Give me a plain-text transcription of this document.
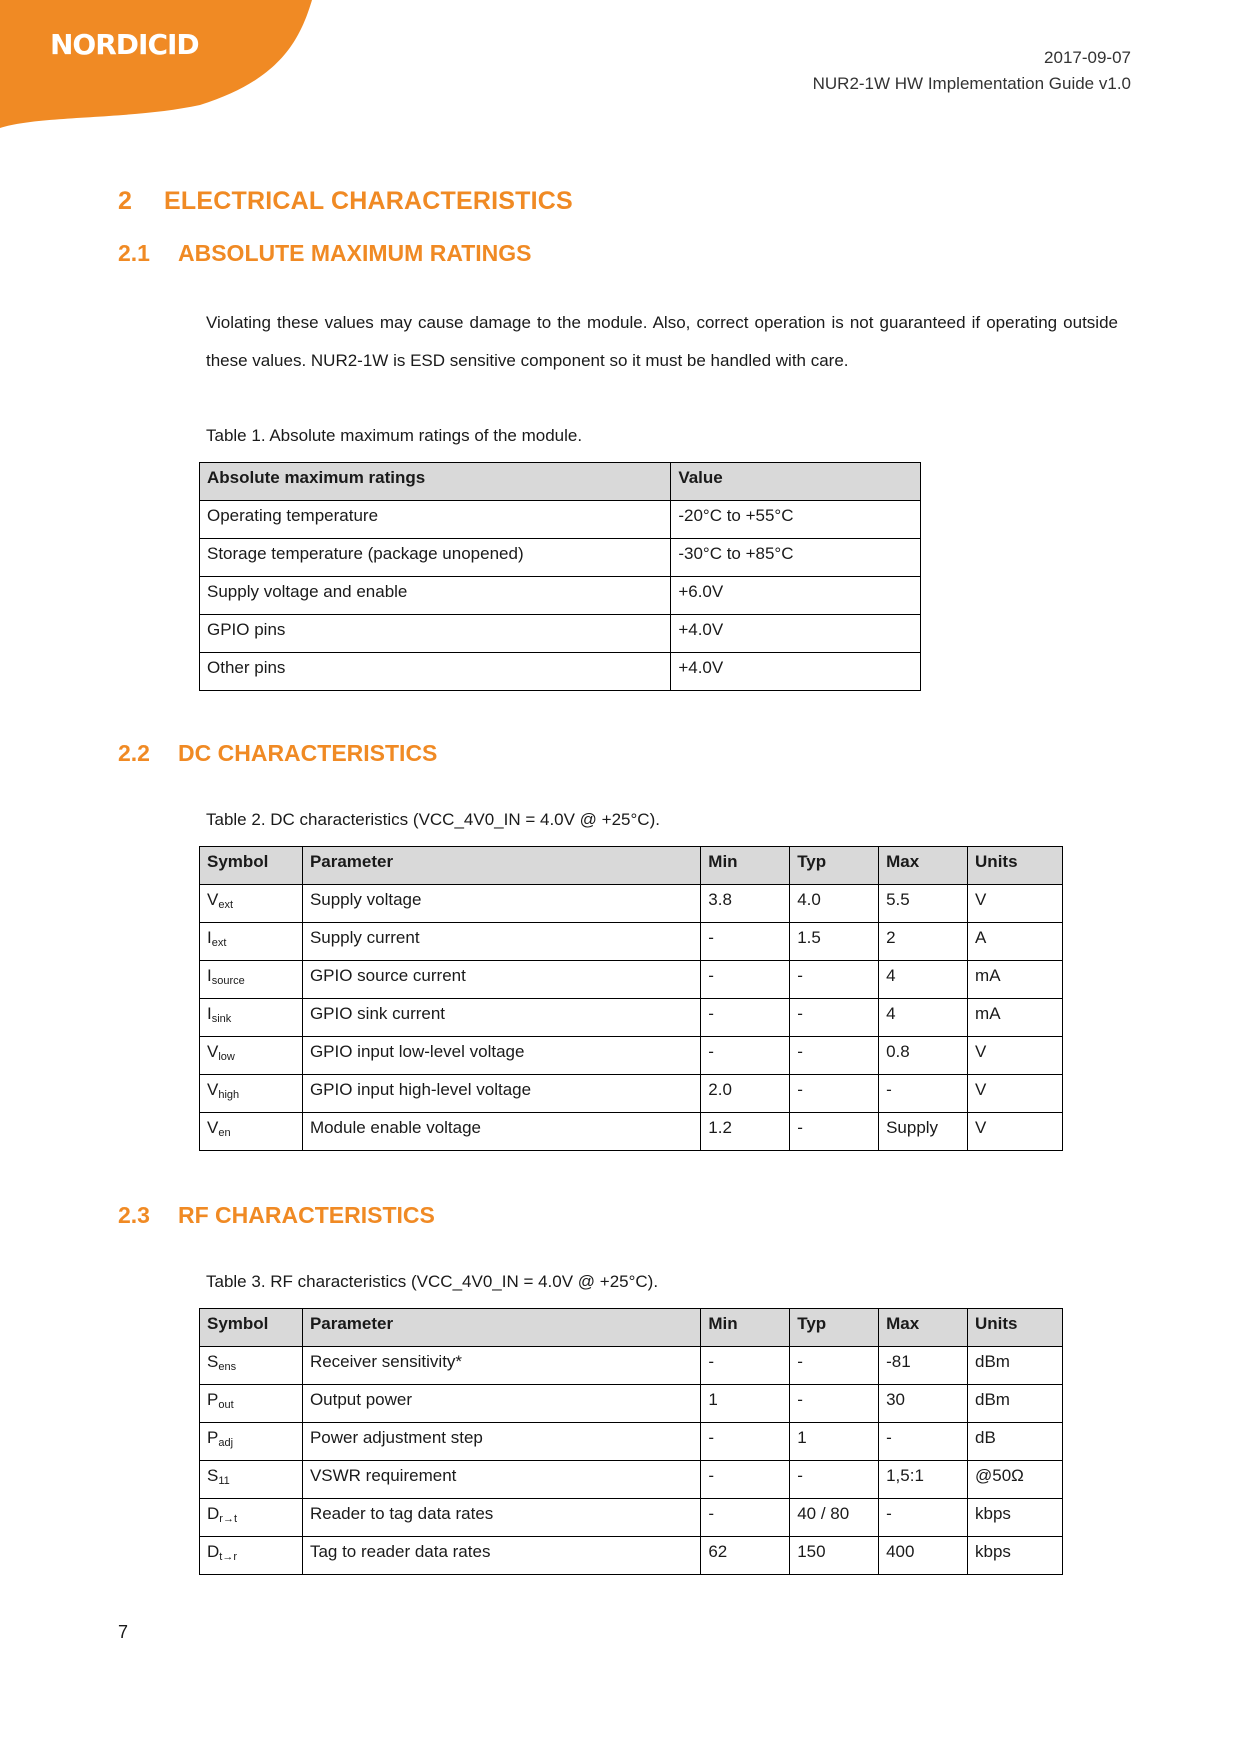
NORDICID	2017-09-07
NUR2-1W HW Implementation Guide v1.0
2 ELECTRICAL CHARACTERISTICS
2.1 ABSOLUTE MAXIMUM RATINGS
Violating these values may cause damage to the module. Also, correct operation is not guaranteed if operating outside these values. NUR2-1W is ESD sensitive component so it must be handled with care.
Table 1. Absolute maximum ratings of the module.
Absolute maximum ratings	Value
Operating temperature	-20°C to +55°C
Storage temperature (package unopened)	-30°C to +85°C
Supply voltage and enable	+6.0V
GPIO pins	+4.0V
Other pins	+4.0V
2.2 DC CHARACTERISTICS
Table 2. DC characteristics (VCC_4V0_IN = 4.0V @ +25°C).
Symbol	Parameter	Min	Typ	Max	Units
$V_{ext}$	Supply voltage	3.8	4.0	5.5	V
$I_{ext}$	Supply current	-	1.5	2	A
$I_{source}$	GPIO source current	-	-	4	mA
$I_{sink}$	GPIO sink current	-	-	4	mA
$V_{low}$	GPIO input low-level voltage	-	-	0.8	V
$V_{high}$	GPIO input high-level voltage	2.0	-	-	V
$V_{en}$	Module enable voltage	1.2	-	Supply	V
2.3 RF CHARACTERISTICS
Table 3. RF characteristics (VCC_4V0_IN = 4.0V @ +25°C).
Symbol	Parameter	Min	Typ	Max	Units
$S_{ens}$	Receiver sensitivity*	-	-	-81	dBm
$P_{out}$	Output power	1	-	30	dBm
$P_{adj}$	Power adjustment step	-	1	-	dB
$S_{11}$	VSWR requirement	-	-	1,5:1	@50Ω
$D_{r\to t}$	Reader to tag data rates	-	40 / 80	-	kbps
$D_{t\to r}$	Tag to reader data rates	62	150	400	kbps
7
